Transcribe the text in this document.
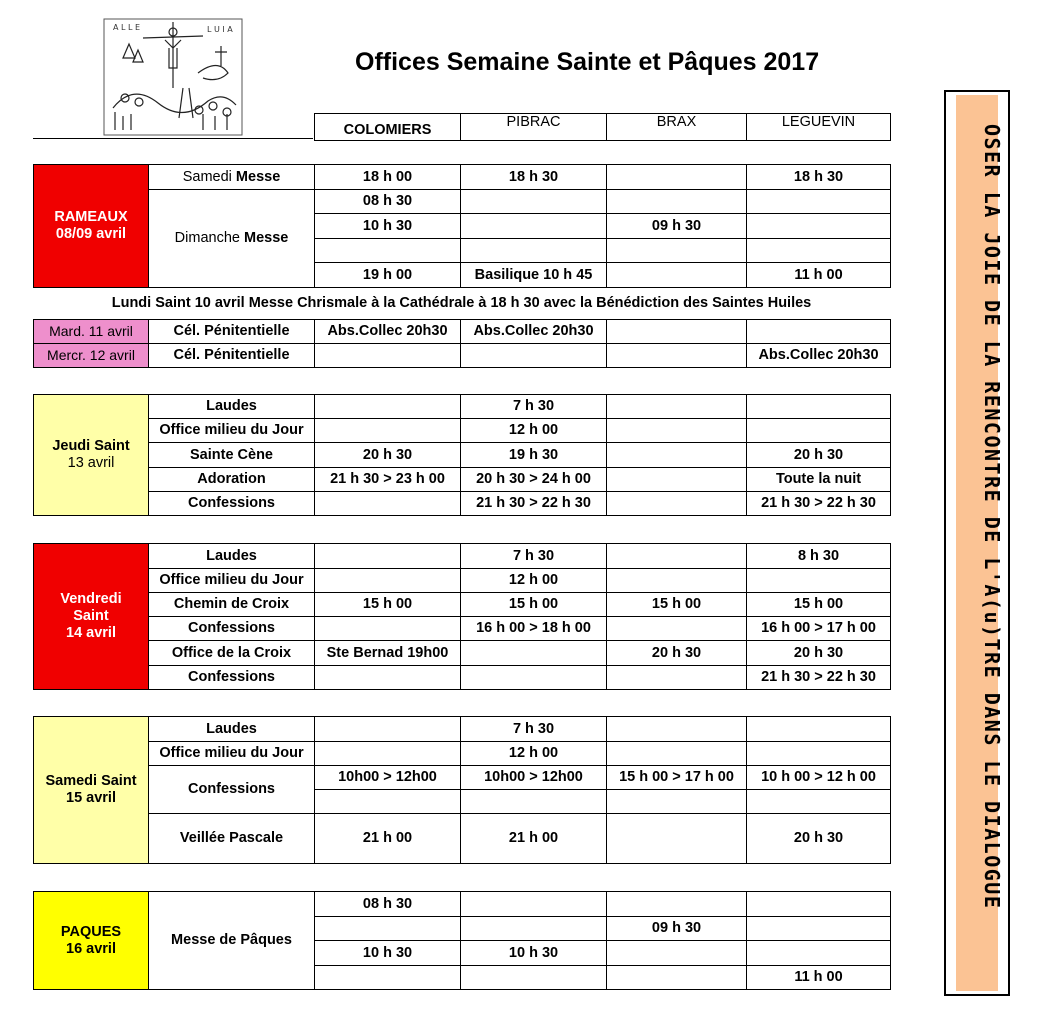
A L L E	L U I A
Offices Semaine Sainte et Pâques 2017
OSER LA JOIE DE LA RENCONTRE DE L'A(u)TRE DANS LE DIALOGUE
COLOMIERS	PIBRAC	BRAX	LEGUEVIN
RAMEAUX
08/09 avril	Samedi Messe	18 h 00	18 h 30		18 h 30
	Dimanche Messe	08 h 30			
		10 h 30		09 h 30	

		19 h 00	Basilique 10 h 45		11 h 00
Lundi Saint 10 avril Messe Chrismale à la Cathédrale à 18 h 30 avec la Bénédiction des Saintes Huiles
Mard. 11 avril	Cél. Pénitentielle	Abs.Collec 20h30	Abs.Collec 20h30		
Mercr. 12 avril	Cél. Pénitentielle				Abs.Collec 20h30
Jeudi Saint
13 avril	Laudes		7 h 30		
	Office milieu du Jour		12 h 00		
	Sainte Cène	20 h 30	19 h 30		20 h 30
	Adoration	21 h 30 > 23 h 00	20 h 30 > 24 h 00		Toute la nuit
	Confessions		21 h 30 > 22 h 30		21 h 30 > 22 h 30
Vendredi
Saint
14 avril	Laudes		7 h 30		8 h 30
	Office milieu du Jour		12 h 00		
	Chemin de Croix	15 h 00	15 h 00	15 h 00	15 h 00
	Confessions		16 h 00 > 18 h 00		16 h 00 > 17 h 00
	Office de la Croix	Ste Bernad 19h00		20 h 30	20 h 30
	Confessions				21 h 30 > 22 h 30
Samedi Saint
15 avril	Laudes		7 h 30		
	Office milieu du Jour		12 h 00		
	Confessions	10h00 > 12h00	10h00 > 12h00	15 h 00 > 17 h 00	10 h 00 > 12 h 00

	Veillée Pascale	21 h 00	21 h 00		20 h 30
PAQUES
16 avril	Messe de Pâques	08 h 30			
				09 h 30	
		10 h 30	10 h 30		
					11 h 00
